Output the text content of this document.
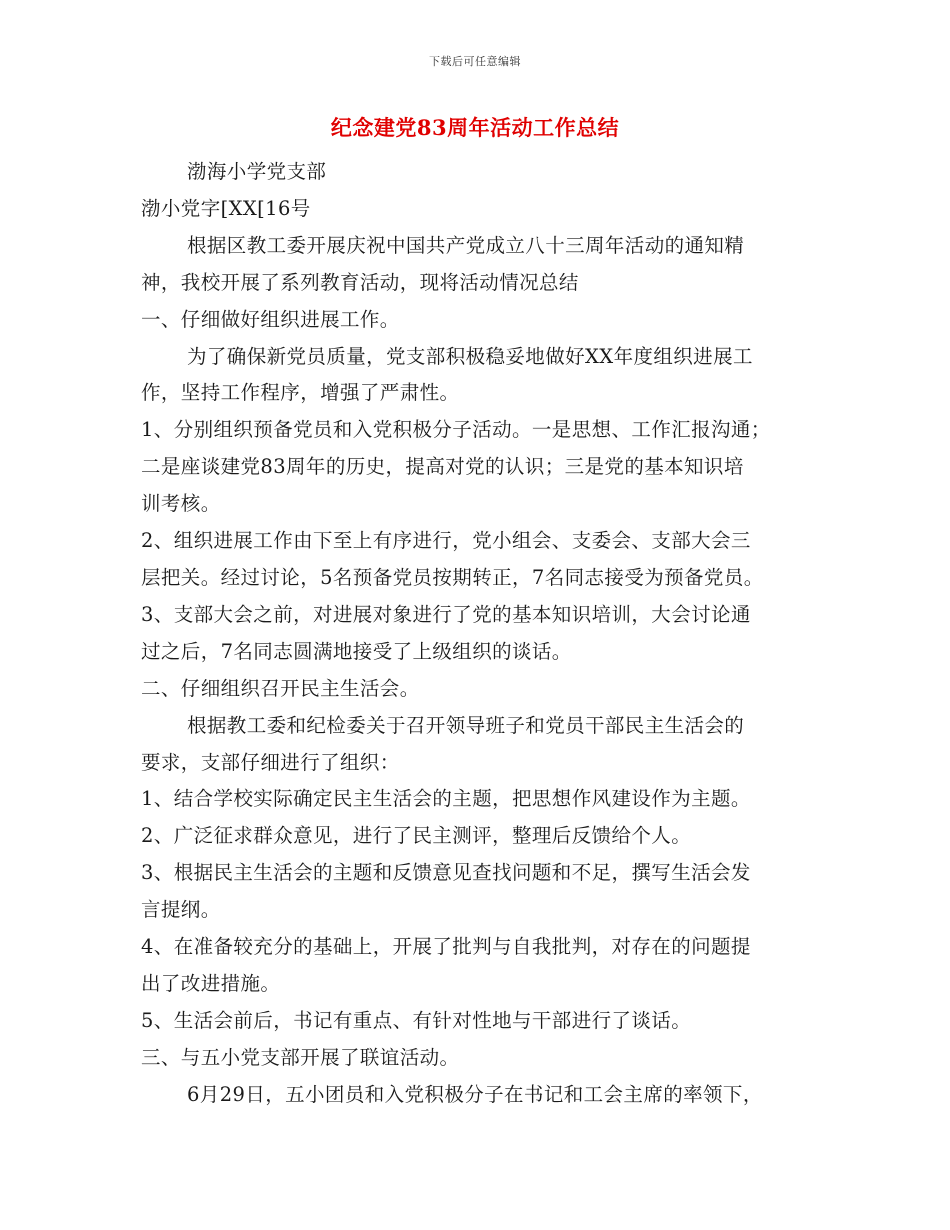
下载后可任意编辑
纪念建党83周年活动工作总结
渤海小学党支部
渤小党字[XX[16号
根据区教工委开展庆祝中国共产党成立八十三周年活动的通知精
神，我校开展了系列教育活动，现将活动情况总结
一、仔细做好组织进展工作。
为了确保新党员质量，党支部积极稳妥地做好XX年度组织进展工
作，坚持工作程序，增强了严肃性。
1、分别组织预备党员和入党积极分子活动。一是思想、工作汇报沟通；
二是座谈建党83周年的历史，提高对党的认识；三是党的基本知识培
训考核。
2、组织进展工作由下至上有序进行，党小组会、支委会、支部大会三
层把关。经过讨论，5名预备党员按期转正，7名同志接受为预备党员。
3、支部大会之前，对进展对象进行了党的基本知识培训，大会讨论通
过之后，7名同志圆满地接受了上级组织的谈话。
二、仔细组织召开民主生活会。
根据教工委和纪检委关于召开领导班子和党员干部民主生活会的
要求，支部仔细进行了组织：
1、结合学校实际确定民主生活会的主题，把思想作风建设作为主题。
2、广泛征求群众意见，进行了民主测评，整理后反馈给个人。
3、根据民主生活会的主题和反馈意见查找问题和不足，撰写生活会发
言提纲。
4、在准备较充分的基础上，开展了批判与自我批判，对存在的问题提
出了改进措施。
5、生活会前后，书记有重点、有针对性地与干部进行了谈话。
三、与五小党支部开展了联谊活动。
6月29日，五小团员和入党积极分子在书记和工会主席的率领下，
